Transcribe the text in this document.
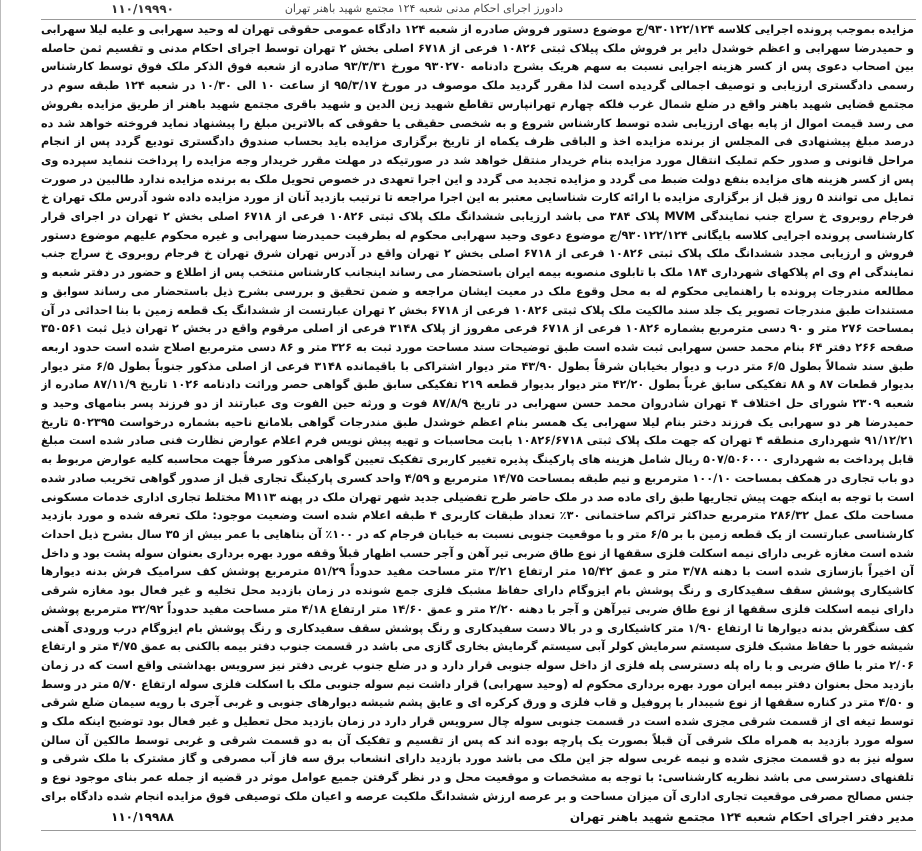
۱۱۰/۱۹۹۹۰	دادورز اجرای احکام مدنی شعبه ۱۲۴ مجتمع شهید باهنر تهران
مزایده بموجب پرونده اجرایی کلاسه ۹۳۰۱۲۲/۱۲۴/ج موضوع دستور فروش صادره از شعبه ۱۲۴ دادگاه عمومی حقوقی تهران له وحید سهرابی و علیه لیلا سهرابی و حمیدرضا سهرابی و اعظم خوشدل دایر بر فروش ملک پیلاک ثبتی ۱۰۸۲۶ فرعی از ۶۷۱۸ اصلی بخش ۲ تهران توسط اجرای احکام مدنی و تقسیم ثمن حاصله بین اصحاب دعوی پس از کسر هزینه اجرایی نسبت به سهم هریک بشرح دادنامه ۹۳۰۲۷۰ مورخ ۹۳/۳/۳۱ صادره از شعبه فوق الذکر ملک فوق توسط کارشناس رسمی دادگستری ارزیابی و توصیف اجمالی گردیده است لذا مقرر گردید ملک موصوف در مورخ ۹۵/۳/۱۷ از ساعت ۱۰ الی ۱۰/۳۰ در شعبه ۱۲۴ طبقه سوم در مجتمع قضایی شهید باهنر واقع در ضلع شمال غرب فلکه چهارم تهرانپارس تقاطع شهید زین الدین و شهید باقری مجتمع شهید باهنر از طریق مزایده بفروش می رسد قیمت اموال از پایه بهای ارزیابی شده توسط کارشناس شروع و به شخصی حقیقی یا حقوقی که بالاترین مبلغ را پیشنهاد نماید فروخته خواهد شد ده درصد مبلغ پیشنهادی فی المجلس از برنده مزایده اخذ و الباقی ظرف یکماه از تاریخ برگزاری مزایده باید بحساب صندوق دادگستری تودیع گردد پس از انجام مراحل قانونی و صدور حکم تملیک انتقال مورد مزایده بنام خریدار منتقل خواهد شد در صورتیکه در مهلت مقرر خریدار وجه مزایده را پرداخت ننماید سپرده وی پس از کسر هزینه های مزایده بنفع دولت ضبط می گردد و مزایده تجدید می گردد و این اجرا تعهدی در خصوص تحویل ملک به برنده مزایده ندارد طالبین در صورت تمایل می توانند ۵ روز قبل از برگزاری مزایده با ارائه کارت شناسایی معتبر به این اجرا مراجعه تا ترتیب بازدید آنان از مورد مزایده داده شود آدرس ملک تهران خ فرجام روبروی خ سراج جنب نمایندگی MVM پلاک ۳۸۴ می باشد ارزیابی ششدانگ ملک پلاک ثبتی ۱۰۸۲۶ فرعی از ۶۷۱۸ اصلی بخش ۲ تهران در اجرای قرار کارشناسی پرونده اجرایی کلاسه بایگانی ۹۳۰۱۲۲/۱۲۴/ج موضوع دعوی وحید سهرابی محکوم له بطرفیت حمیدرضا سهرابی و غیره محکوم علیهم موضوع دستور فروش و ارزیابی مجدد ششدانگ ملک پلاک ثبتی ۱۰۸۲۶ فرعی از ۶۷۱۸ اصلی بخش ۲ تهران واقع در آدرس تهران شرق تهران خ فرجام روبروی خ سراج جنب نمایندگی ام وی ام پلاکهای شهرداری ۱۸۴ ملک با تابلوی منصوبه بیمه ایران باستحضار می رساند اینجانب کارشناس منتخب پس از اطلاع و حضور در دفتر شعبه و مطالعه مندرجات پرونده با راهنمایی محکوم له به محل وقوع ملک در معیت ایشان مراجعه و ضمن تحقیق و بررسی بشرح ذیل باستحضار می رساند سوابق و مستندات طبق مندرجات تصویر یک جلد سند مالکیت ملک پلاک ثبتی ۱۰۸۲۶ فرعی از ۶۷۱۸ بخش ۲ تهران عبارتست از ششدانگ یک قطعه زمین با بنا احداثی در آن بمساحت ۲۷۶ متر و ۹۰ دسی مترمربع بشماره ۱۰۸۲۶ فرعی از ۶۷۱۸ فرعی مفروز از پلاک ۳۱۴۸ فرعی از اصلی مرقوم واقع در بخش ۲ تهران ذیل ثبت ۳۵۰۵۶۱ صفحه ۲۶۶ دفتر ۶۴ بنام محمد حسن سهرابی ثبت شده است طبق توضیحات سند مساحت مورد ثبت به ۳۲۶ متر و ۸۶ دسی مترمربع اصلاح شده است حدود اربعه طبق سند شمالاً بطول ۶/۵ متر درب و دیوار بخیابان شرقاً بطول ۴۳/۹۰ متر دیوار اشتراکی با باقیمانده ۳۱۴۸ فرعی از اصلی مذکور جنوباً بطول ۶/۵ متر دیوار بدیوار قطعات ۸۷ و ۸۸ تفکیکی سابق غرباً بطول ۴۲/۲۰ متر دیوار بدیوار قطعه ۲۱۹ تفکیکی سابق طبق گواهی حصر وراثت دادنامه ۱۰۲۶ تاریخ ۸۷/۱۱/۹ صادره از شعبه ۲۳۰۹ شورای حل اختلاف ۴ تهران شادروان محمد حسن سهرابی در تاریخ ۸۷/۸/۹ فوت و ورثه حین الفوت وی عبارتند از دو فرزند پسر بنامهای وحید و حمیدرضا هر دو سهرابی یک فرزند دختر بنام لیلا سهرابی یک همسر بنام اعظم خوشدل طبق مندرجات گواهی بلامانع ناحیه بشماره درخواست ۵۰۲۳۹۵ تاریخ ۹۱/۱۲/۲۱ شهرداری منطقه ۴ تهران که جهت ملک پلاک ثبتی ۱۰۸۲۶/۶۷۱۸ بابت محاسبات و تهیه پیش نویس فرم اعلام عوارض نظارت فنی صادر شده است مبلغ قابل پرداخت به شهرداری ۵۰۷/۵۰۶۰۰۰ ریال شامل هزینه های پارکینگ پذیره تغییر کاربری تفکیک تعیین گواهی مذکور صرفاً جهت محاسبه کلیه عوارض مربوط به دو باب تجاری در همکف بمساحت ۱۰۰/۱۰ مترمربع و نیم طبقه بمساحت ۱۴/۷۵ مترمربع و ۴/۵۹ واحد کسری پارکینگ تجاری قبل از صدور گواهی تخریب صادر شده است با توجه به اینکه جهت پیش تجاریها طبق رای ماده صد در ملک حاضر طرح تفضیلی جدید شهر تهران ملک در پهنه M۱۱۳ مختلط تجاری اداری خدمات مسکونی مساحت ملک عمل ۲۸۶/۳۲ مترمربع حداکثر تراکم ساختمانی ۳۰٪ تعداد طبقات کاربری ۴ طبقه اعلام شده است وضعیت موجود: ملک تعرفه شده و مورد بازدید کارشناسی عبارتست از یک قطعه زمین با بر ۶/۵ متر و با موقعیت جنوبی نسبت به خیابان فرجام که در ۱۰۰٪ آن بناهایی با عمر بیش از ۳۵ سال بشرح ذیل احداث شده است مغازه غربی دارای نیمه اسکلت فلزی سقفها از نوع طاق ضربی تیر آهن و آجر حسب اظهار قبلاً وقفه مورد بهره برداری بعنوان سوله پشت بود و داخل آن اخیراً بازسازی شده است با دهنه ۳/۷۸ متر و عمق ۱۵/۴۲ متر ارتفاع ۳/۲۱ متر مساحت مفید حدوداً ۵۱/۲۹ مترمربع پوشش کف سرامیک فرش بدنه دیوارها کاشیکاری پوشش سقف سفیدکاری و رنگ پوشش بام ایزوگام دارای حفاظ مشبک فلزی جمع شونده در زمان بازدید محل تخلیه و غیر فعال بود مغازه شرقی دارای نیمه اسکلت فلزی سقفها از نوع طاق ضربی تیرآهن و آجر با دهنه ۲/۲۰ متر و عمق ۱۴/۶۰ متر ارتفاع ۴/۱۸ متر مساحت مفید حدوداً ۳۲/۹۲ مترمربع پوشش کف سنگفرش بدنه دیوارها تا ارتفاع ۱/۹۰ متر کاشیکاری و در بالا دست سفیدکاری و رنگ پوشش سقف سفیدکاری و رنگ پوشش بام ایزوگام درب ورودی آهنی شیشه خور با حفاظ مشبک فلزی سیستم سرمایش کولر آبی سیستم گرمایش بخاری گازی می باشد در قسمت جنوب دفتر بیمه بالکنی به عمق ۴/۷۵ متر و ارتفاع ۲/۰۶ متر با طاق ضربی و با راه پله دسترسی پله فلزی از داخل سوله جنوبی قرار دارد و در ضلع جنوب غربی دفتر نیز سرویس بهداشتی واقع است که در زمان بازدید محل بعنوان دفتر بیمه ایران مورد بهره برداری محکوم له (وحید سهرابی) قرار داشت نیم سوله جنوبی ملک با اسکلت فلزی سوله ارتفاع ۵/۷۰ متر در وسط و ۴/۵۰ متر در کناره سقفها از نوع شیبدار با پروفیل و قاب فلزی و ورق کرکره ای و عایق پشم شیشه دیوارهای جنوبی و غربی آجری با رویه سیمان ضلع شرقی توسط تیغه ای از قسمت شرقی مجزی شده است در قسمت جنوبی سوله چال سرویس قرار دارد در زمان بازدید محل تعطیل و غیر فعال بود توضیح اینکه ملک و سوله مورد بازدید به همراه ملک شرقی آن قبلاً بصورت یک پارچه بوده اند که پس از تقسیم و تفکیک آن به دو قسمت شرقی و غربی توسط مالکین آن سالن سوله نیز به دو قسمت مجزی شده و نیمه غربی سوله جز این ملک می باشد مورد بازدید دارای انشعاب برق سه فاز آب مصرفی و گاز مشترک با ملک شرقی و تلفنهای دسترسی می باشد نظریه کارشناسی: با توجه به مشخصات و موقعیت محل و در نظر گرفتن جمیع عوامل موثر در قضیه از جمله عمر بنای موجود نوع و جنس مصالح مصرفی موقعیت تجاری اداری آن میزان مساحت و بر عرصه ارزش ششدانگ ملکیت عرصه و اعیان ملک توصیفی فوق مزایده انجام شده دادگاه برای
مدیر دفتر اجرای احکام شعبه ۱۲۴ مجتمع شهید باهنر تهران
۱۱۰/۱۹۹۸۸
